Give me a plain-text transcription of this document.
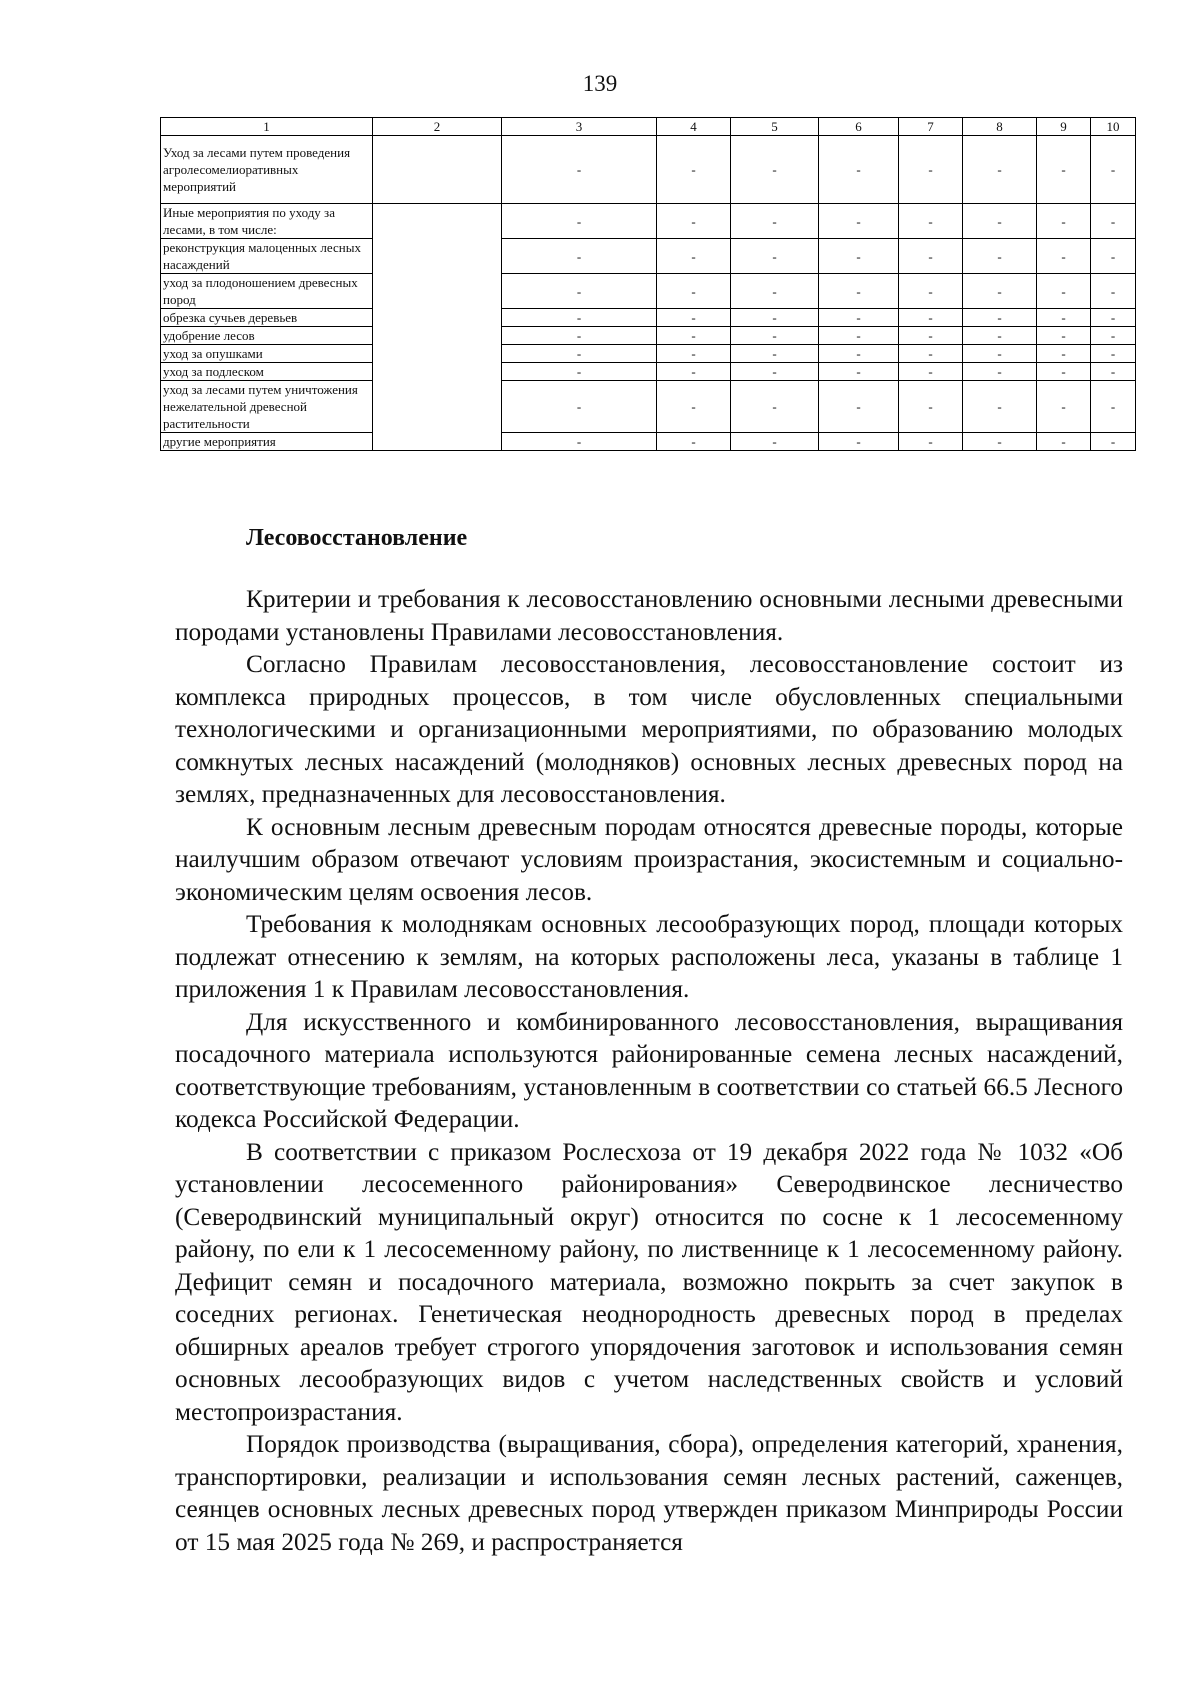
139
1	2	3	4	5	6	7	8	9	10
Уход за лесами путем проведения агролесомелиоративных мероприятий		-	-	-	-	-	-	-	-
Иные мероприятия по уходу за лесами, в том числе:		-	-	-	-	-	-	-	-
реконструкция малоценных лесных насаждений		-	-	-	-	-	-	-	-
уход за плодоношением древесных пород		-	-	-	-	-	-	-	-
обрезка сучьев деревьев		-	-	-	-	-	-	-	-
удобрение лесов		-	-	-	-	-	-	-	-
уход за опушками		-	-	-	-	-	-	-	-
уход за подлеском		-	-	-	-	-	-	-	-
уход за лесами путем уничтожения нежелательной древесной растительности		-	-	-	-	-	-	-	-
другие мероприятия		-	-	-	-	-	-	-	-
Лесовосстановление

Критерии и требования к лесовосстановлению основными лесными древесными породами установлены Правилами лесовосстановления.

Согласно Правилам лесовосстановления, лесовосстановление состоит из комплекса природных процессов, в том числе обусловленных специальными технологическими и организационными мероприятиями, по образованию молодых сомкнутых лесных насаждений (молодняков) основных лесных древесных пород на землях, предназначенных для лесовосстановления.

К основным лесным древесным породам относятся древесные породы, которые наилучшим образом отвечают условиям произрастания, экосистемным и социально-экономическим целям освоения лесов.

Требования к молоднякам основных лесообразующих пород, площади которых подлежат отнесению к землям, на которых расположены леса, указаны в таблице 1 приложения 1 к Правилам лесовосстановления.

Для искусственного и комбинированного лесовосстановления, выращивания посадочного материала используются районированные семена лесных насаждений, соответствующие требованиям, установленным в соответствии со статьей 66.5 Лесного кодекса Российской Федерации.

В соответствии с приказом Рослесхоза от 19 декабря 2022 года № 1032 «Об установлении лесосеменного районирования» Северодвинское лесничество (Северодвинский муниципальный округ) относится по сосне к 1 лесосеменному району, по ели к 1 лесосеменному району, по лиственнице к 1 лесосеменному району. Дефицит семян и посадочного материала, возможно покрыть за счет закупок в соседних регионах. Генетическая неоднородность древесных пород в пределах обширных ареалов требует строгого упорядочения заготовок и использования семян основных лесообразующих видов с учетом наследственных свойств и условий местопроизрастания.

Порядок производства (выращивания, сбора), определения категорий, хранения, транспортировки, реализации и использования семян лесных растений, саженцев, сеянцев основных лесных древесных пород утвержден приказом Минприроды России от 15 мая 2025 года № 269, и распространяется
